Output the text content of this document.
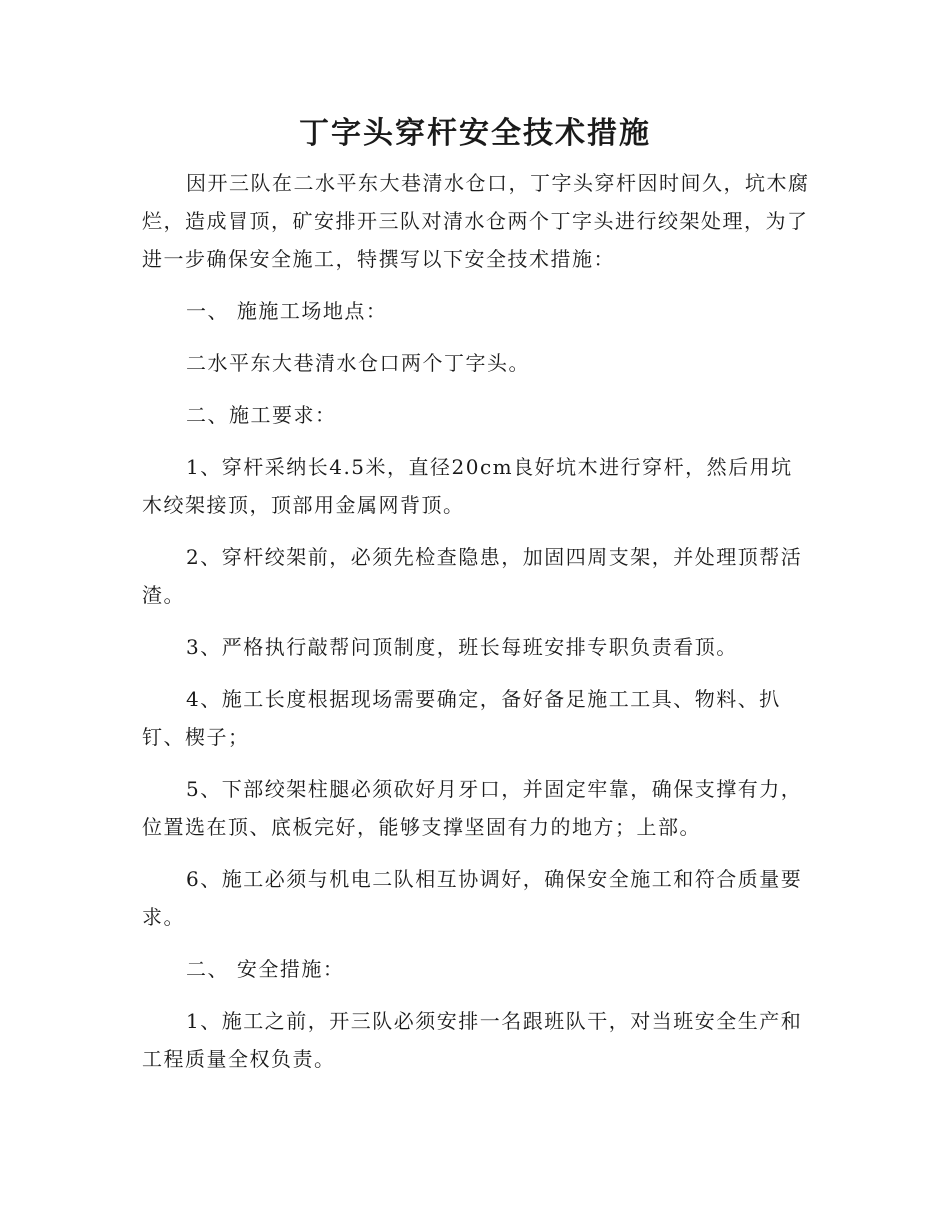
丁字头穿杆安全技术措施

因开三队在二水平东大巷清水仓口，丁字头穿杆因时间久，坑木腐烂，造成冒顶，矿安排开三队对清水仓两个丁字头进行绞架处理，为了进一步确保安全施工，特撰写以下安全技术措施：

一、 施施工场地点：

二水平东大巷清水仓口两个丁字头。

二、施工要求：

1、穿杆采纳长4.5米，直径20cm良好坑木进行穿杆，然后用坑木绞架接顶，顶部用金属网背顶。

2、穿杆绞架前，必须先检查隐患，加固四周支架，并处理顶帮活渣。

3、严格执行敲帮问顶制度，班长每班安排专职负责看顶。

4、施工长度根据现场需要确定，备好备足施工工具、物料、扒钉、楔子；

5、下部绞架柱腿必须砍好月牙口，并固定牢靠，确保支撑有力，位置选在顶、底板完好，能够支撑坚固有力的地方；上部。

6、施工必须与机电二队相互协调好，确保安全施工和符合质量要求。

二、 安全措施：

1、施工之前，开三队必须安排一名跟班队干，对当班安全生产和工程质量全权负责。
